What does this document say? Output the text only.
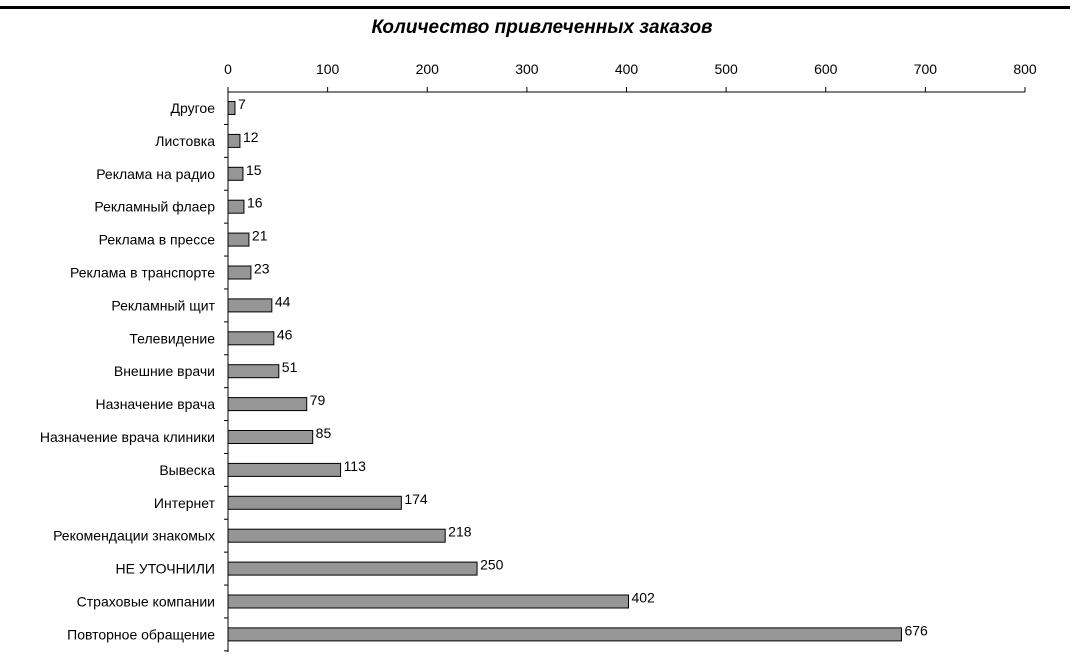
Количество привлеченных заказов
0	100	200	300	400	500	600	700	800
Другое 7
Листовка 12
Реклама на радио 15
Рекламный флаер 16
Реклама в прессе	21
Реклама в транспорте	23
Рекламный щит	44
Телевидение	46
Внешние врачи	51
Назначение врача	79
Назначение врача клиники	85
Вывеска	113
Интернет	174
Рекомендации знакомых	218
НЕ УТОЧНИЛИ	250
Страховые компании	402
Повторное обращение	676
